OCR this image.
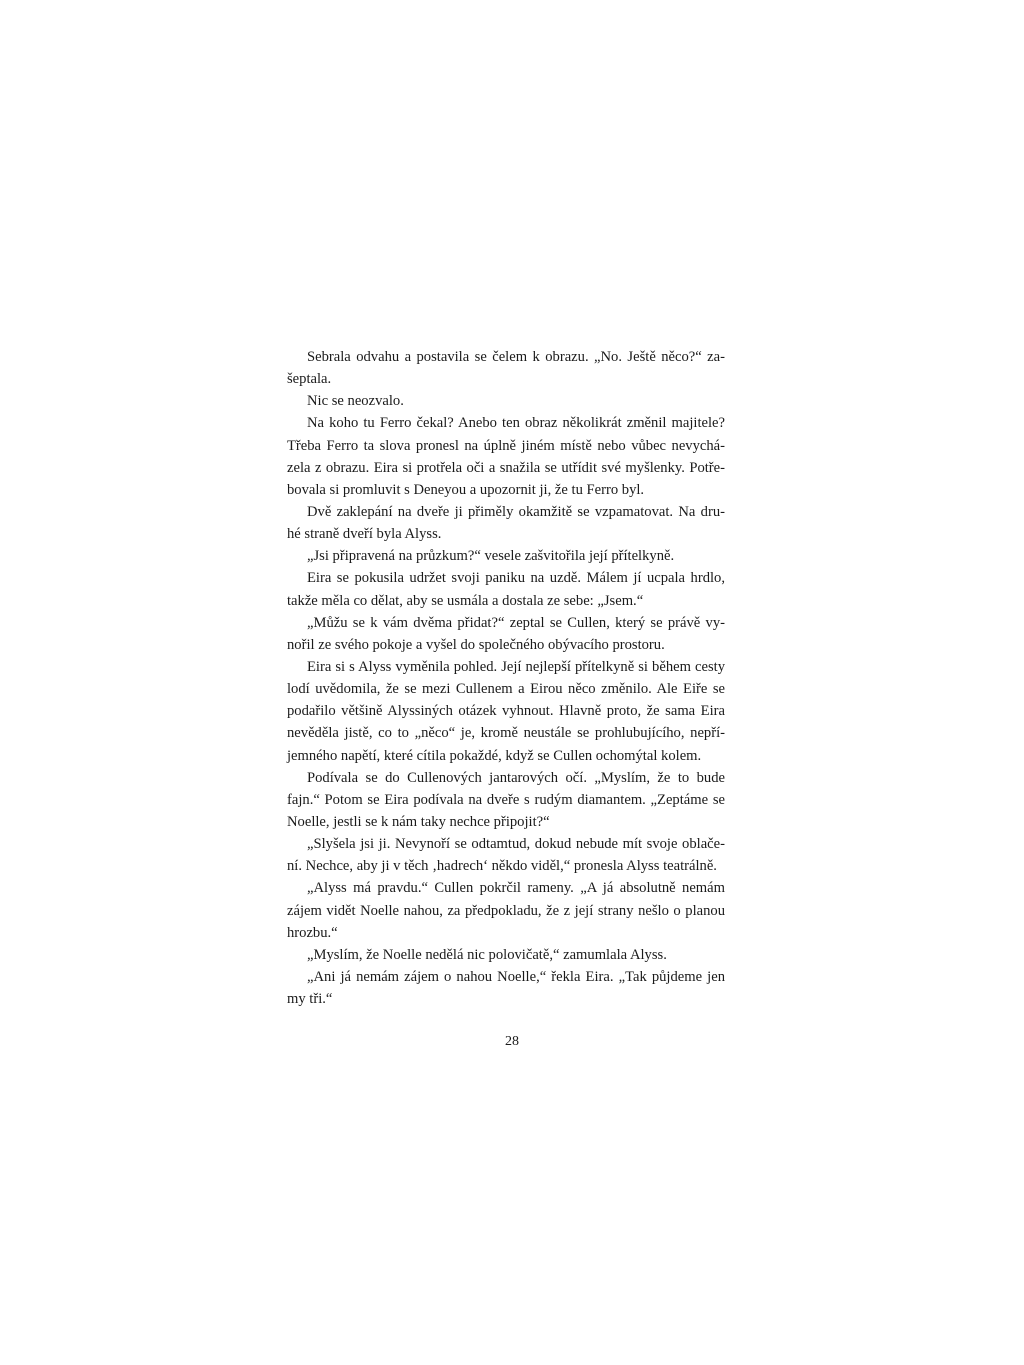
Sebrala odvahu a postavila se čelem k obrazu. „No. Ještě něco?“ za-
šeptala.
Nic se neozvalo.
Na koho tu Ferro čekal? Anebo ten obraz několikrát změnil majitele?
Třeba Ferro ta slova pronesl na úplně jiném místě nebo vůbec nevychá-
zela z obrazu. Eira si protřela oči a snažila se utřídit své myšlenky. Potře-
bovala si promluvit s Deneyou a upozornit ji, že tu Ferro byl.
Dvě zaklepání na dveře ji přiměly okamžitě se vzpamatovat. Na dru-
hé straně dveří byla Alyss.
„Jsi připravená na průzkum?“ vesele zašvitořila její přítelkyně.
Eira se pokusila udržet svoji paniku na uzdě. Málem jí ucpala hrdlo,
takže měla co dělat, aby se usmála a dostala ze sebe: „Jsem.“
„Můžu se k vám dvěma přidat?“ zeptal se Cullen, který se právě vy-
nořil ze svého pokoje a vyšel do společného obývacího prostoru.
Eira si s Alyss vyměnila pohled. Její nejlepší přítelkyně si během cesty
lodí uvědomila, že se mezi Cullenem a Eirou něco změnilo. Ale Eiře se
podařilo většině Alyssiných otázek vyhnout. Hlavně proto, že sama Eira
nevěděla jistě, co to „něco“ je, kromě neustále se prohlubujícího, nepří-
jemného napětí, které cítila pokaždé, když se Cullen ochomýtal kolem.
Podívala se do Cullenových jantarových očí. „Myslím, že to bude
fajn.“ Potom se Eira podívala na dveře s rudým diamantem. „Zeptáme se
Noelle, jestli se k nám taky nechce připojit?“
„Slyšela jsi ji. Nevynoří se odtamtud, dokud nebude mít svoje oblače-
ní. Nechce, aby ji v těch ‚hadrech‘ někdo viděl,“ pronesla Alyss teatrálně.
„Alyss má pravdu.“ Cullen pokrčil rameny. „A já absolutně nemám
zájem vidět Noelle nahou, za předpokladu, že z její strany nešlo o planou
hrozbu.“
„Myslím, že Noelle nedělá nic polovičatě,“ zamumlala Alyss.
„Ani já nemám zájem o nahou Noelle,“ řekla Eira. „Tak půjdeme jen
my tři.“
28
